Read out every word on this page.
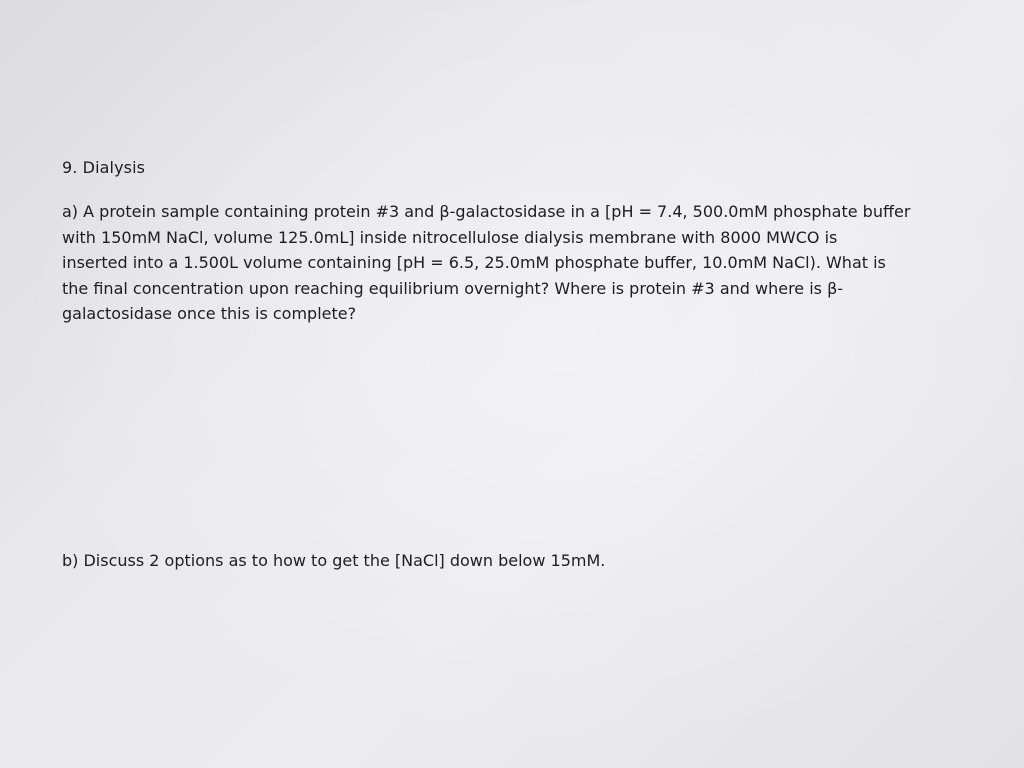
9. Dialysis
a) A protein sample containing protein #3 and β-galactosidase in a [pH = 7.4, 500.0mM phosphate buffer
with 150mM NaCl, volume 125.0mL] inside nitrocellulose dialysis membrane with 8000 MWCO is
inserted into a 1.500L volume containing [pH = 6.5, 25.0mM phosphate buffer, 10.0mM NaCl). What is
the final concentration upon reaching equilibrium overnight? Where is protein #3 and where is β-
galactosidase once this is complete?
b) Discuss 2 options as to how to get the [NaCl] down below 15mM.
